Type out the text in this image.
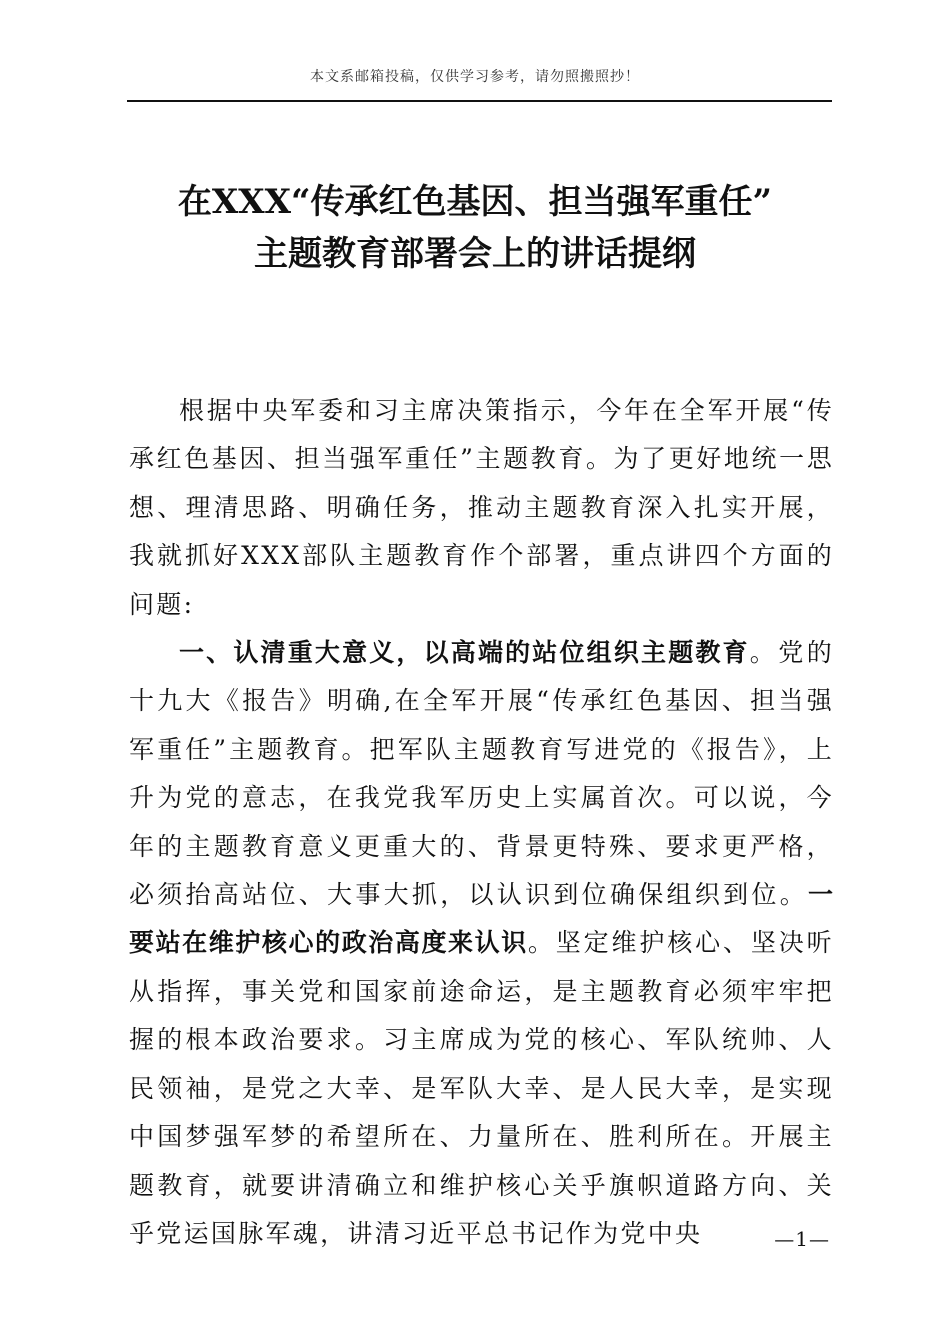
本文系邮箱投稿，仅供学习参考，请勿照搬照抄！
在XXX“传承红色基因、担当强军重任”
主题教育部署会上的讲话提纲

根据中央军委和习主席决策指示，今年在全军开展“传承红色基因、担当强军重任”主题教育。为了更好地统一思想、理清思路、明确任务，推动主题教育深入扎实开展，我就抓好XXX部队主题教育作个部署，重点讲四个方面的问题:

一、认清重大意义，以高端的站位组织主题教育。党的十九大《报告》明确,在全军开展“传承红色基因、担当强军重任”主题教育。把军队主题教育写进党的《报告》，上升为党的意志，在我党我军历史上实属首次。可以说，今年的主题教育意义更重大的、背景更特殊、要求更严格，必须抬高站位、大事大抓，以认识到位确保组织到位。一要站在维护核心的政治高度来认识。坚定维护核心、坚决听从指挥，事关党和国家前途命运，是主题教育必须牢牢把握的根本政治要求。习主席成为党的核心、军队统帅、人民领袖，是党之大幸、是军队大幸、是人民大幸，是实现中国梦强军梦的希望所在、力量所在、胜利所在。开展主题教育，就要讲清确立和维护核心关乎旗帜道路方向、关乎党运国脉军魂，讲清习近平总书记作为党中央	—1—
